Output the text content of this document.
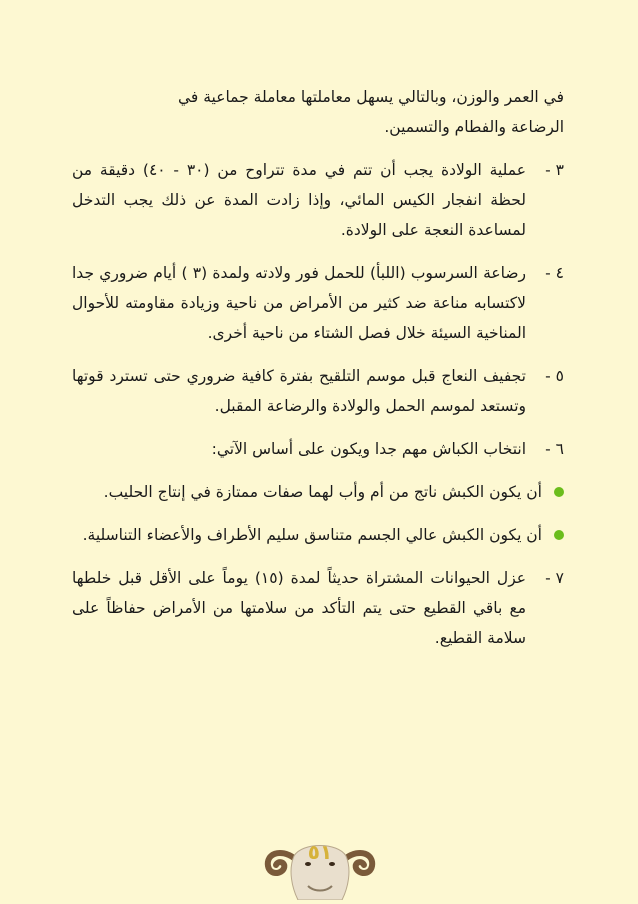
في العمر والوزن، وبالتالي يسهل معاملتها معاملة جماعية في
الرضاعة والفطام والتسمين.
٣ -
عملية الولادة يجب أن تتم في مدة تتراوح من (٣٠ - ٤٠) دقيقة من لحظة انفجار الكيس المائي، وإذا زادت المدة عن ذلك يجب التدخل لمساعدة النعجة على الولادة.
٤ -
رضاعة السرسوب (اللبأ) للحمل فور ولادته ولمدة (٣ ) أيام ضروري جدا لاكتسابه مناعة ضد كثير من الأمراض من ناحية وزيادة مقاومته للأحوال المناخية السيئة خلال فصل الشتاء من ناحية أخرى.
٥ -
تجفيف النعاج قبل موسم التلقيح بفترة كافية ضروري حتى تسترد قوتها وتستعد لموسم الحمل والولادة والرضاعة المقبل.
٦ -
انتخاب الكباش مهم جدا ويكون على أساس الآتي:
أن يكون الكبش ناتج من أم وأب لهما صفات ممتازة في إنتاج الحليب.
أن يكون الكبش عالي الجسم متناسق سليم الأطراف والأعضاء التناسلية.
٧ -
عزل الحيوانات المشتراة حديثاً لمدة (١٥) يوماً على الأقل قبل خلطها مع باقي القطيع حتى يتم التأكد من سلامتها من الأمراض حفاظاً على سلامة القطيع.
٥١
